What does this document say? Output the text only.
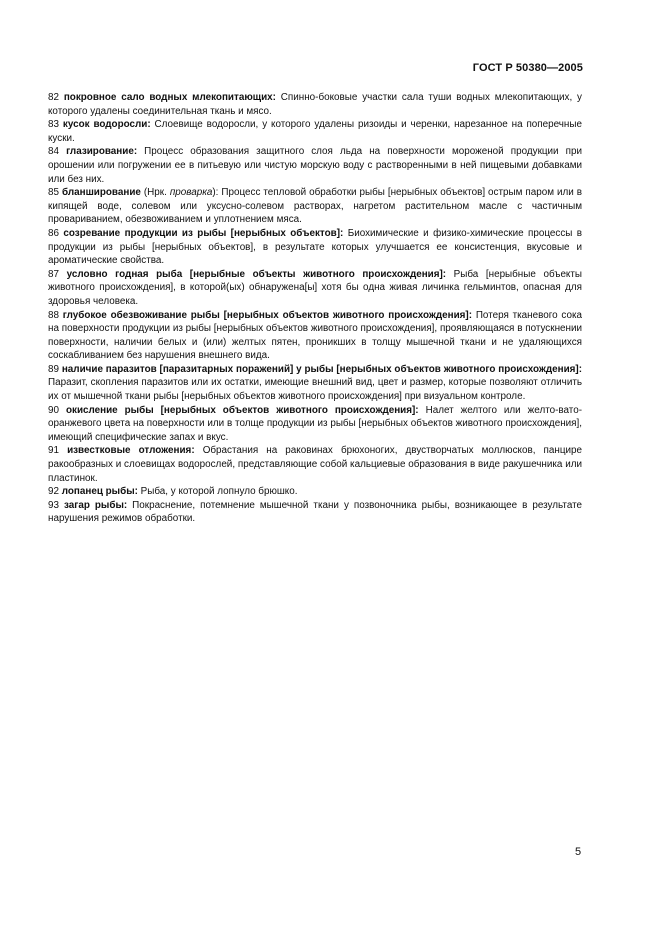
ГОСТ Р 50380—2005

82 покровное сало водных млекопитающих: Спинно-боковые участки сала туши водных млекопитающих, у которого удалены соединительная ткань и мясо.

83 кусок водоросли: Слоевище водоросли, у которого удалены ризоиды и черенки, нарезанное на поперечные куски.

84 глазирование: Процесс образования защитного слоя льда на поверхности мороженой продукции при орошении или погружении ее в питьевую или чистую морскую воду с растворенными в ней пищевыми добавками или без них.

85 бланширование (Нрк. проварка): Процесс тепловой обработки рыбы [нерыбных объектов] острым паром или в кипящей воде, солевом или уксусно-солевом растворах, нагретом растительном масле с частичным провариванием, обезвоживанием и уплотнением мяса.

86 созревание продукции из рыбы [нерыбных объектов]: Биохимические и физико-химические процессы в продукции из рыбы [нерыбных объектов], в результате которых улучшается ее консистенция, вкусовые и ароматические свойства.

87 условно годная рыба [нерыбные объекты животного происхождения]: Рыба [нерыбные объекты животного происхождения], в которой(ых) обнаружена[ы] хотя бы одна живая личинка гельминтов, опасная для здоровья человека.

88 глубокое обезвоживание рыбы [нерыбных объектов животного происхождения]: Потеря тканевого сока на поверхности продукции из рыбы [нерыбных объектов животного происхождения], проявляющаяся в потускнении поверхности, наличии белых и (или) желтых пятен, проникших в толщу мышечной ткани и не удаляющихся соскабливанием без нарушения внешнего вида.

89 наличие паразитов [паразитарных поражений] у рыбы [нерыбных объектов животного происхождения]: Паразит, скопления паразитов или их остатки, имеющие внешний вид, цвет и размер, которые позволяют отличить их от мышечной ткани рыбы [нерыбных объектов животного происхождения] при визуальном контроле.

90 окисление рыбы [нерыбных объектов животного происхождения]: Налет желтого или желто-вато-оранжевого цвета на поверхности или в толще продукции из рыбы [нерыбных объектов животного происхождения], имеющий специфические запах и вкус.

91 известковые отложения: Обрастания на раковинах брюхоногих, двустворчатых моллюсков, панцире ракообразных и слоевищах водорослей, представляющие собой кальциевые образования в виде ракушечника или пластинок.

92 лопанец рыбы: Рыба, у которой лопнуло брюшко.

93 загар рыбы: Покраснение, потемнение мышечной ткани у позвоночника рыбы, возникающее в результате нарушения режимов обработки.

5
